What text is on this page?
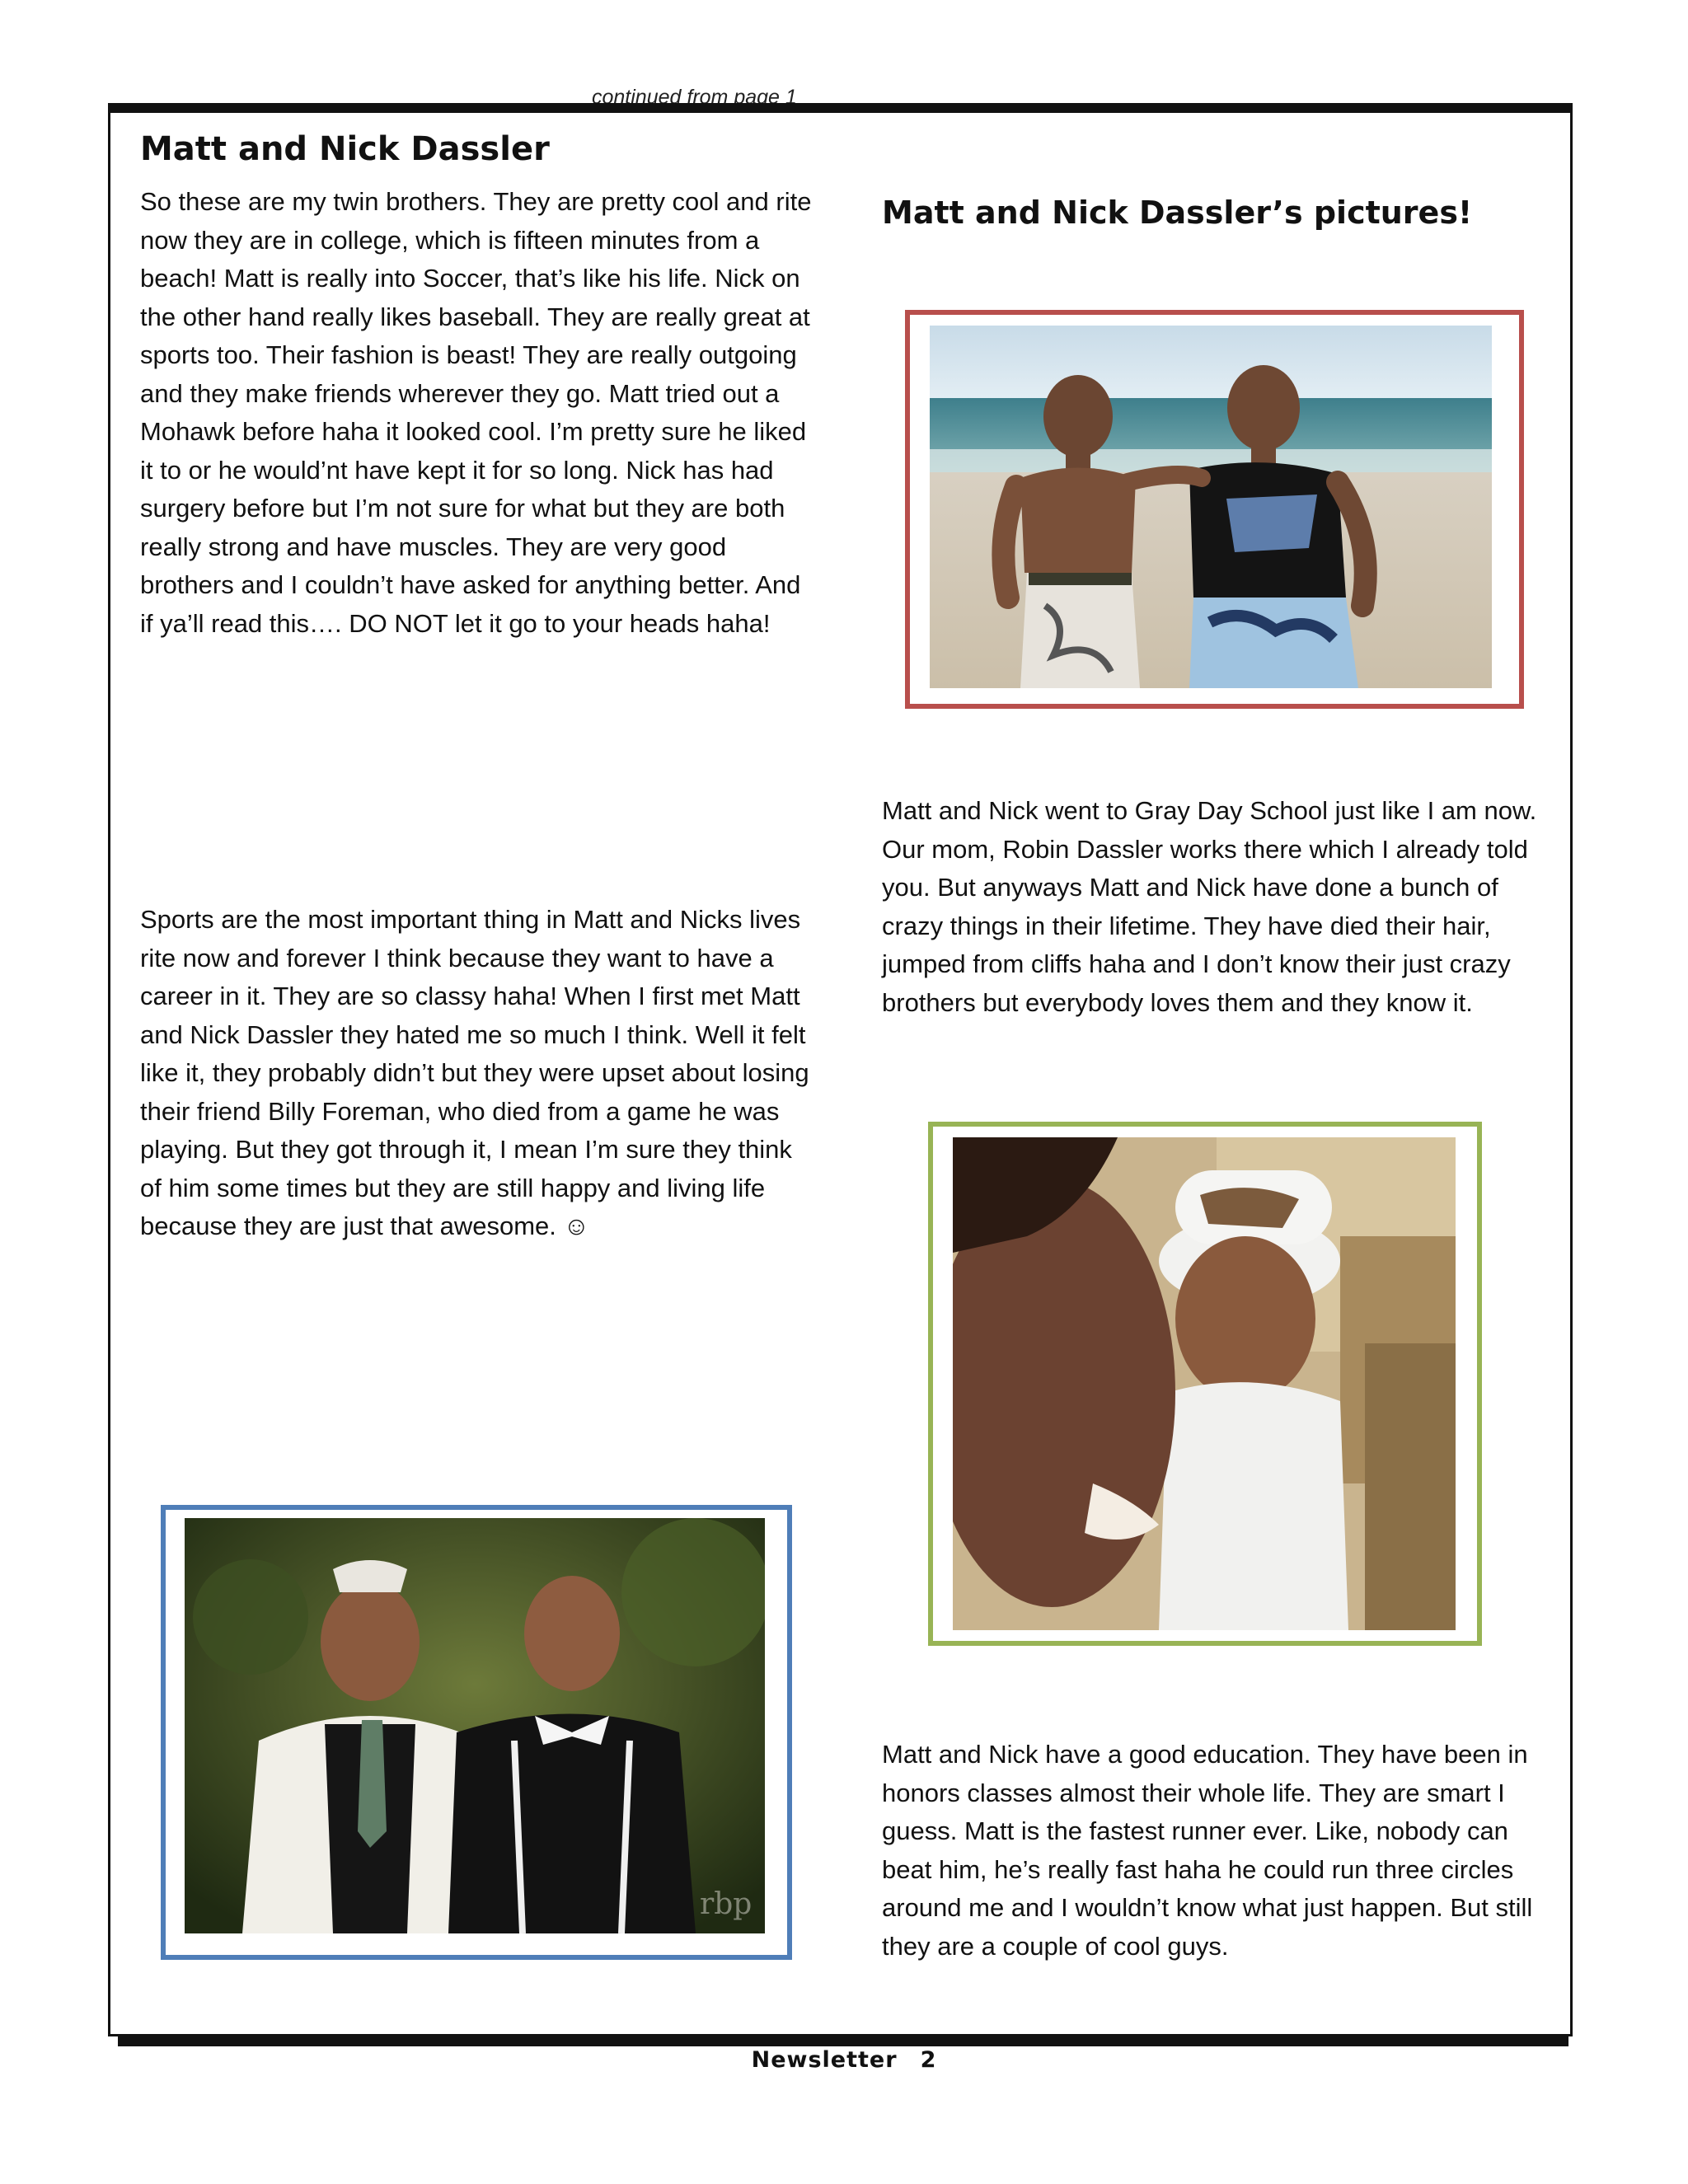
continued from page 1
Matt and Nick Dassler
Matt and Nick Dassler’s pictures!

So these are my twin brothers. They are pretty cool and rite now they are in college, which is fifteen minutes from a beach! Matt is really into Soccer, that’s like his life. Nick on the other hand really likes baseball. They are really great at sports too. Their fashion is beast! They are really outgoing and they make friends wherever they go. Matt tried out a Mohawk before haha it looked cool. I’m pretty sure he liked it to or he would’nt have kept it for so long. Nick has had surgery before but I’m not sure for what but they are both really strong and have muscles. They are very good brothers and I couldn’t have asked for anything better. And if ya’ll read this…. DO NOT let it go to your heads haha!

Sports are the most important thing in Matt and Nicks lives rite now and forever I think because they want to have a career in it. They are so classy haha! When I first met Matt and Nick Dassler they hated me so much I think. Well it felt like it, they probably didn’t but they were upset about losing their friend Billy Foreman, who died from a game he was playing. But they got through it, I mean I’m sure they think of him some times but they are still happy and living life because they are just that awesome. ☺

Matt and Nick went to Gray Day School just like I am now. Our mom, Robin Dassler works there which I already told you. But anyways Matt and Nick have done a bunch of crazy things in their lifetime. They have died their hair, jumped from cliffs haha and I don’t know their just crazy brothers but everybody loves them and they know it.

Matt and Nick have a good education. They have been in honors classes almost their whole life. They are smart I guess. Matt is the fastest runner ever. Like, nobody can beat him, he’s really fast haha he could run three circles around me and I wouldn’t know what just happen. But still they are a couple of cool guys.

rbp
Newsletter 2
